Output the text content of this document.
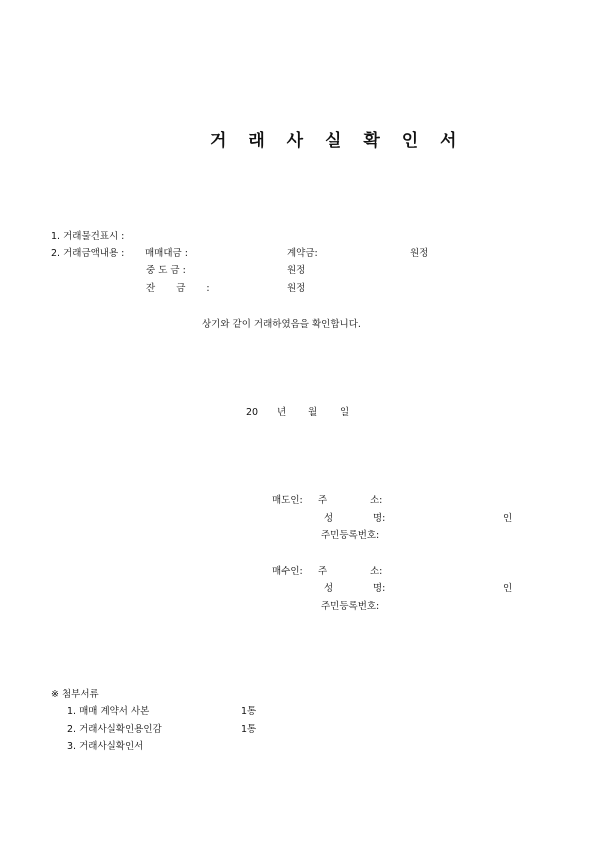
거 래 사 실 확 인 서
1. 거래물건표시 :
2. 거래금액내용 : 매매대금 :	계약금:	원정
중 도 금 :	원정
잔 금 :	원정
상기와 같이 거래하였음을 확인합니다.
20 년 월 일
매도인: 주	소:
성	명:	인
주민등록번호:
매수인: 주	소:
성	명:	인
주민등록번호:
※ 첨부서류
1. 매매 계약서 사본	1통
2. 거래사실확인용인감	1통
3. 거래사실확인서
